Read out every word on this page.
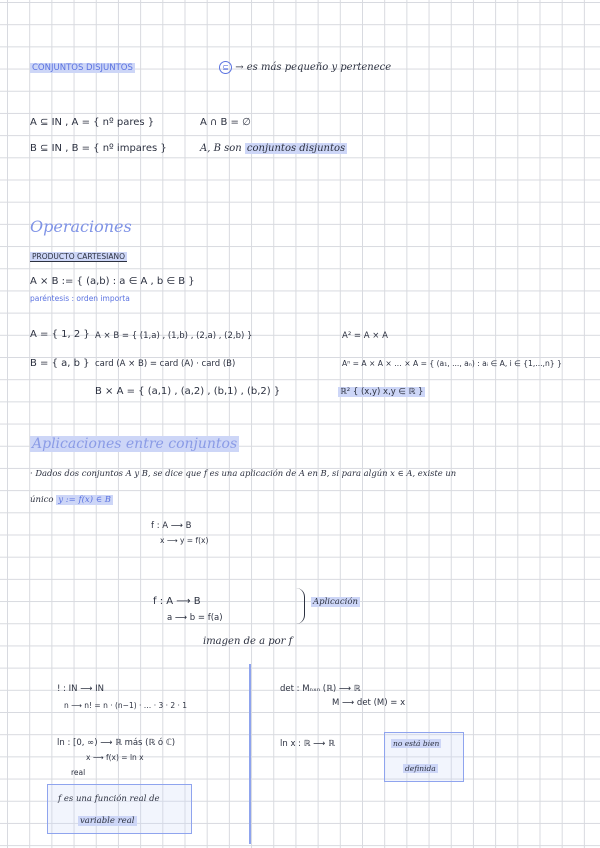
CONJUNTOS DISJUNTOS	⊆ → es más pequeño y pertenece
A ⊆ IN , A = { nº pares }	A ∩ B = ∅
B ⊆ IN , B = { nº impares }	A, B son conjuntos disjuntos
Operaciones
PRODUCTO CARTESIANO
A × B := { (a,b) : a ∈ A , b ∈ B }
paréntesis : orden importa
A = { 1, 2 }
B = { a, b }
A × B = { (1,a) , (1,b) , (2,a) , (2,b) }
card (A × B) = card (A) · card (B)
B × A = { (a,1) , (a,2) , (b,1) , (b,2) }
A² = A × A
Aⁿ = A × A × … × A = { (a₁, ..., aₙ) : aᵢ ∈ A, i ∈ {1,...,n} }
ℝ² { (x,y) x,y ∈ ℝ }
Aplicaciones entre conjuntos
· Dados dos conjuntos A y B, se dice que f es una aplicación de A en B, si para algún x ∈ A, existe un
único y := f(x) ∈ B
f : A ⟶ B
x ⟶ y = f(x)
f : A ⟶ B
a ⟶ b = f(a)
Aplicación
imagen de a por f
! : IN ⟶ IN
n ⟶ n! = n · (n−1) · … · 3 · 2 · 1
ln : [0, ∞) ⟶ ℝ más (ℝ ó ℂ)
x ⟶ f(x) = ln x
real
f es una función real de
variable real
det : Mₙₓₙ (ℝ) ⟶ ℝ
M ⟶ det (M) = x
ln x : ℝ ⟶ ℝ	no está bien
definida
